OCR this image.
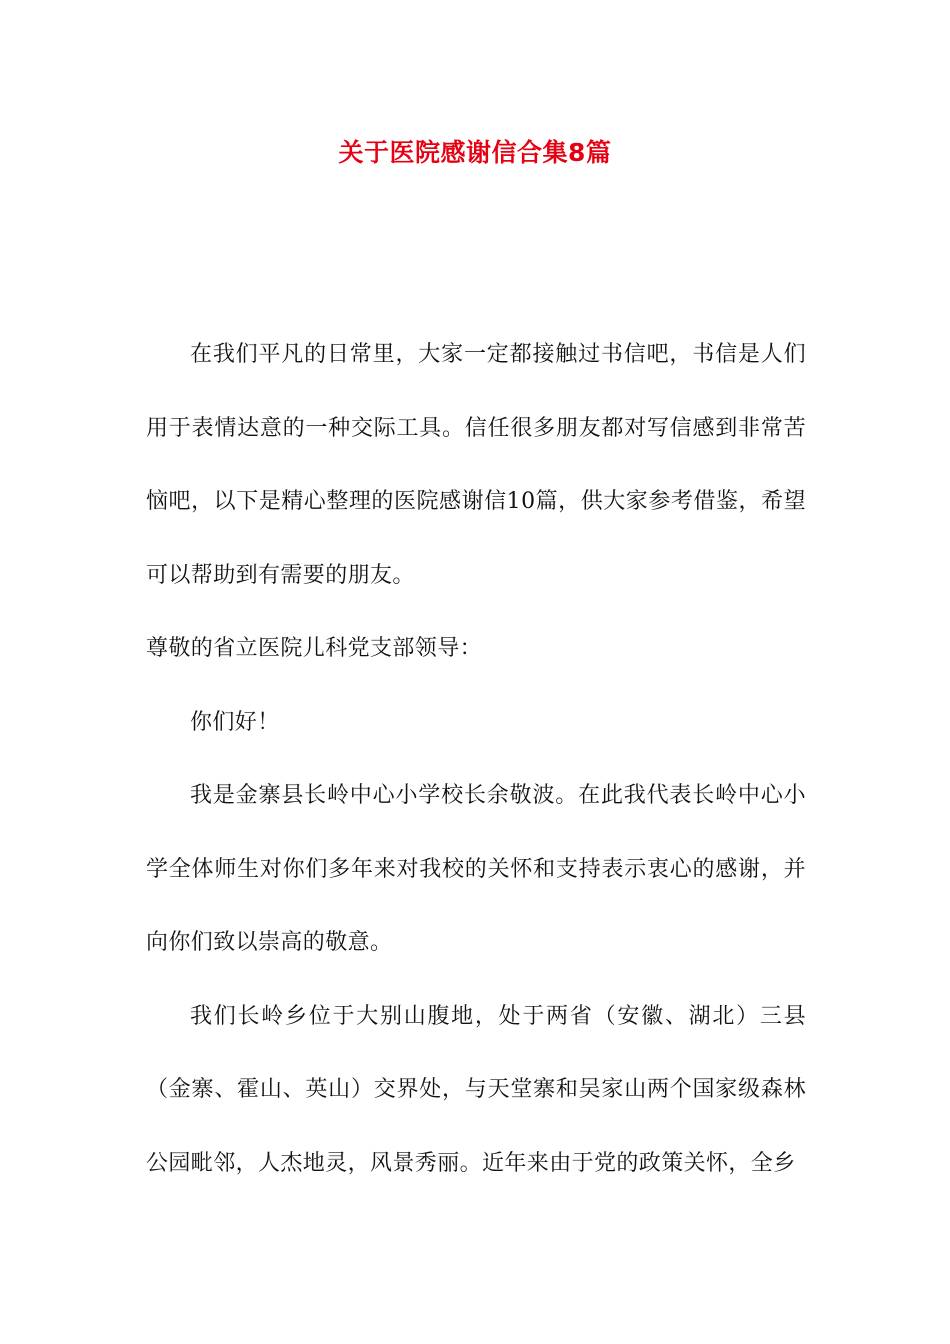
关于医院感谢信合集8篇

在我们平凡的日常里，大家一定都接触过书信吧，书信是人们用于表情达意的一种交际工具。信任很多朋友都对写信感到非常苦恼吧，以下是精心整理的医院感谢信10篇，供大家参考借鉴，希望可以帮助到有需要的朋友。

尊敬的省立医院儿科党支部领导：

你们好！

我是金寨县长岭中心小学校长余敬波。在此我代表长岭中心小学全体师生对你们多年来对我校的关怀和支持表示衷心的感谢，并向你们致以崇高的敬意。

我们长岭乡位于大别山腹地，处于两省（安徽、湖北）三县（金寨、霍山、英山）交界处，与天堂寨和吴家山两个国家级森林公园毗邻，人杰地灵，风景秀丽。近年来由于党的政策关怀，全乡
